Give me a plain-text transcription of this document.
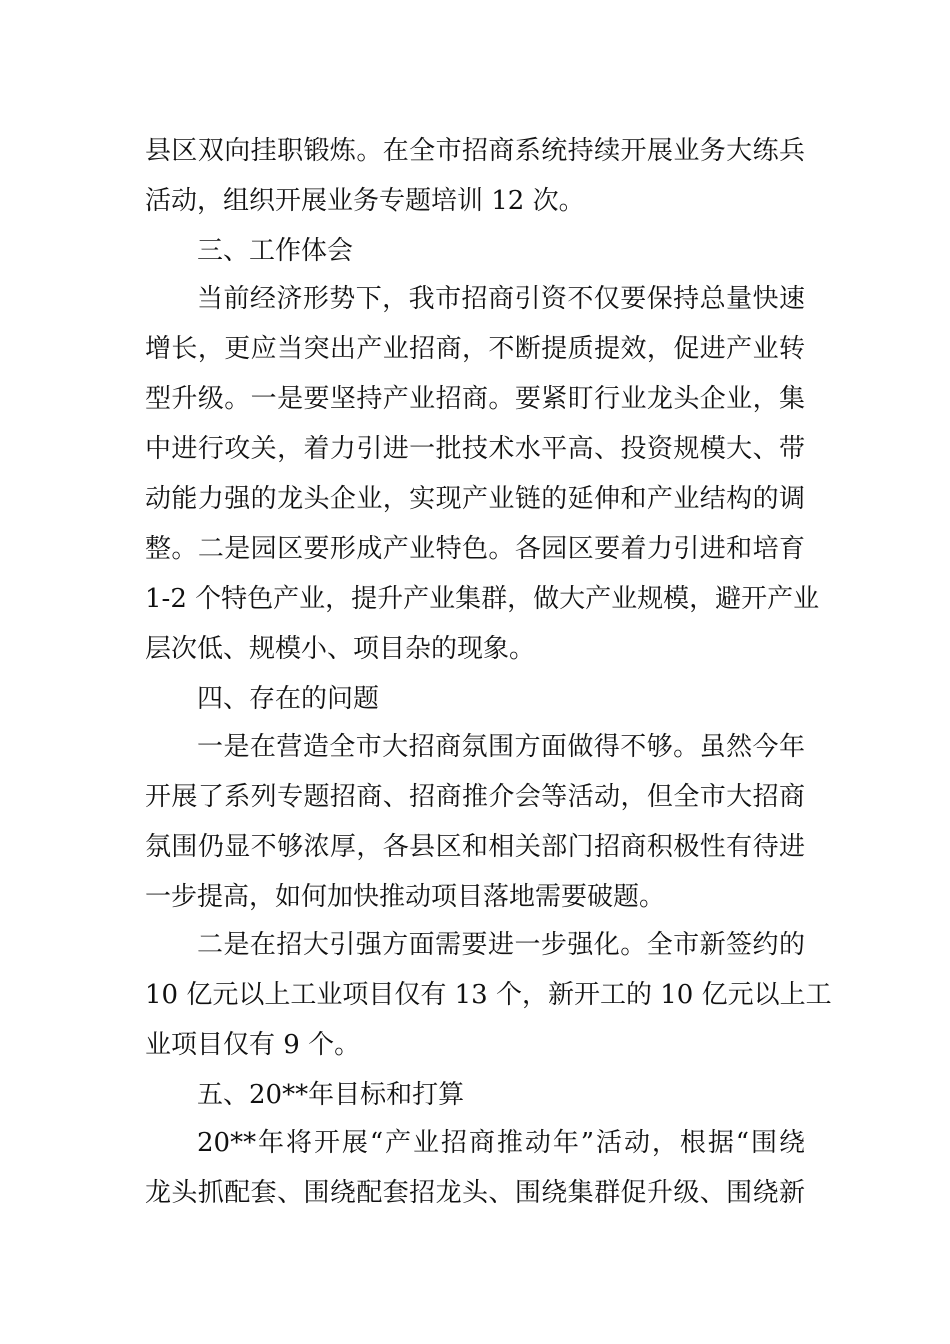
县区双向挂职锻炼。在全市招商系统持续开展业务大练兵
活动，组织开展业务专题培训 12 次。
三、工作体会
当前经济形势下，我市招商引资不仅要保持总量快速
增长，更应当突出产业招商，不断提质提效，促进产业转
型升级。一是要坚持产业招商。要紧盯行业龙头企业，集
中进行攻关，着力引进一批技术水平高、投资规模大、带
动能力强的龙头企业，实现产业链的延伸和产业结构的调
整。二是园区要形成产业特色。各园区要着力引进和培育
1-2 个特色产业，提升产业集群，做大产业规模，避开产业
层次低、规模小、项目杂的现象。
四、存在的问题
一是在营造全市大招商氛围方面做得不够。虽然今年
开展了系列专题招商、招商推介会等活动，但全市大招商
氛围仍显不够浓厚，各县区和相关部门招商积极性有待进
一步提高，如何加快推动项目落地需要破题。
二是在招大引强方面需要进一步强化。全市新签约的
10 亿元以上工业项目仅有 13 个，新开工的 10 亿元以上工
业项目仅有 9 个。
五、20**年目标和打算
20**年将开展“产业招商推动年”活动，根据“围绕
龙头抓配套、围绕配套招龙头、围绕集群促升级、围绕新
